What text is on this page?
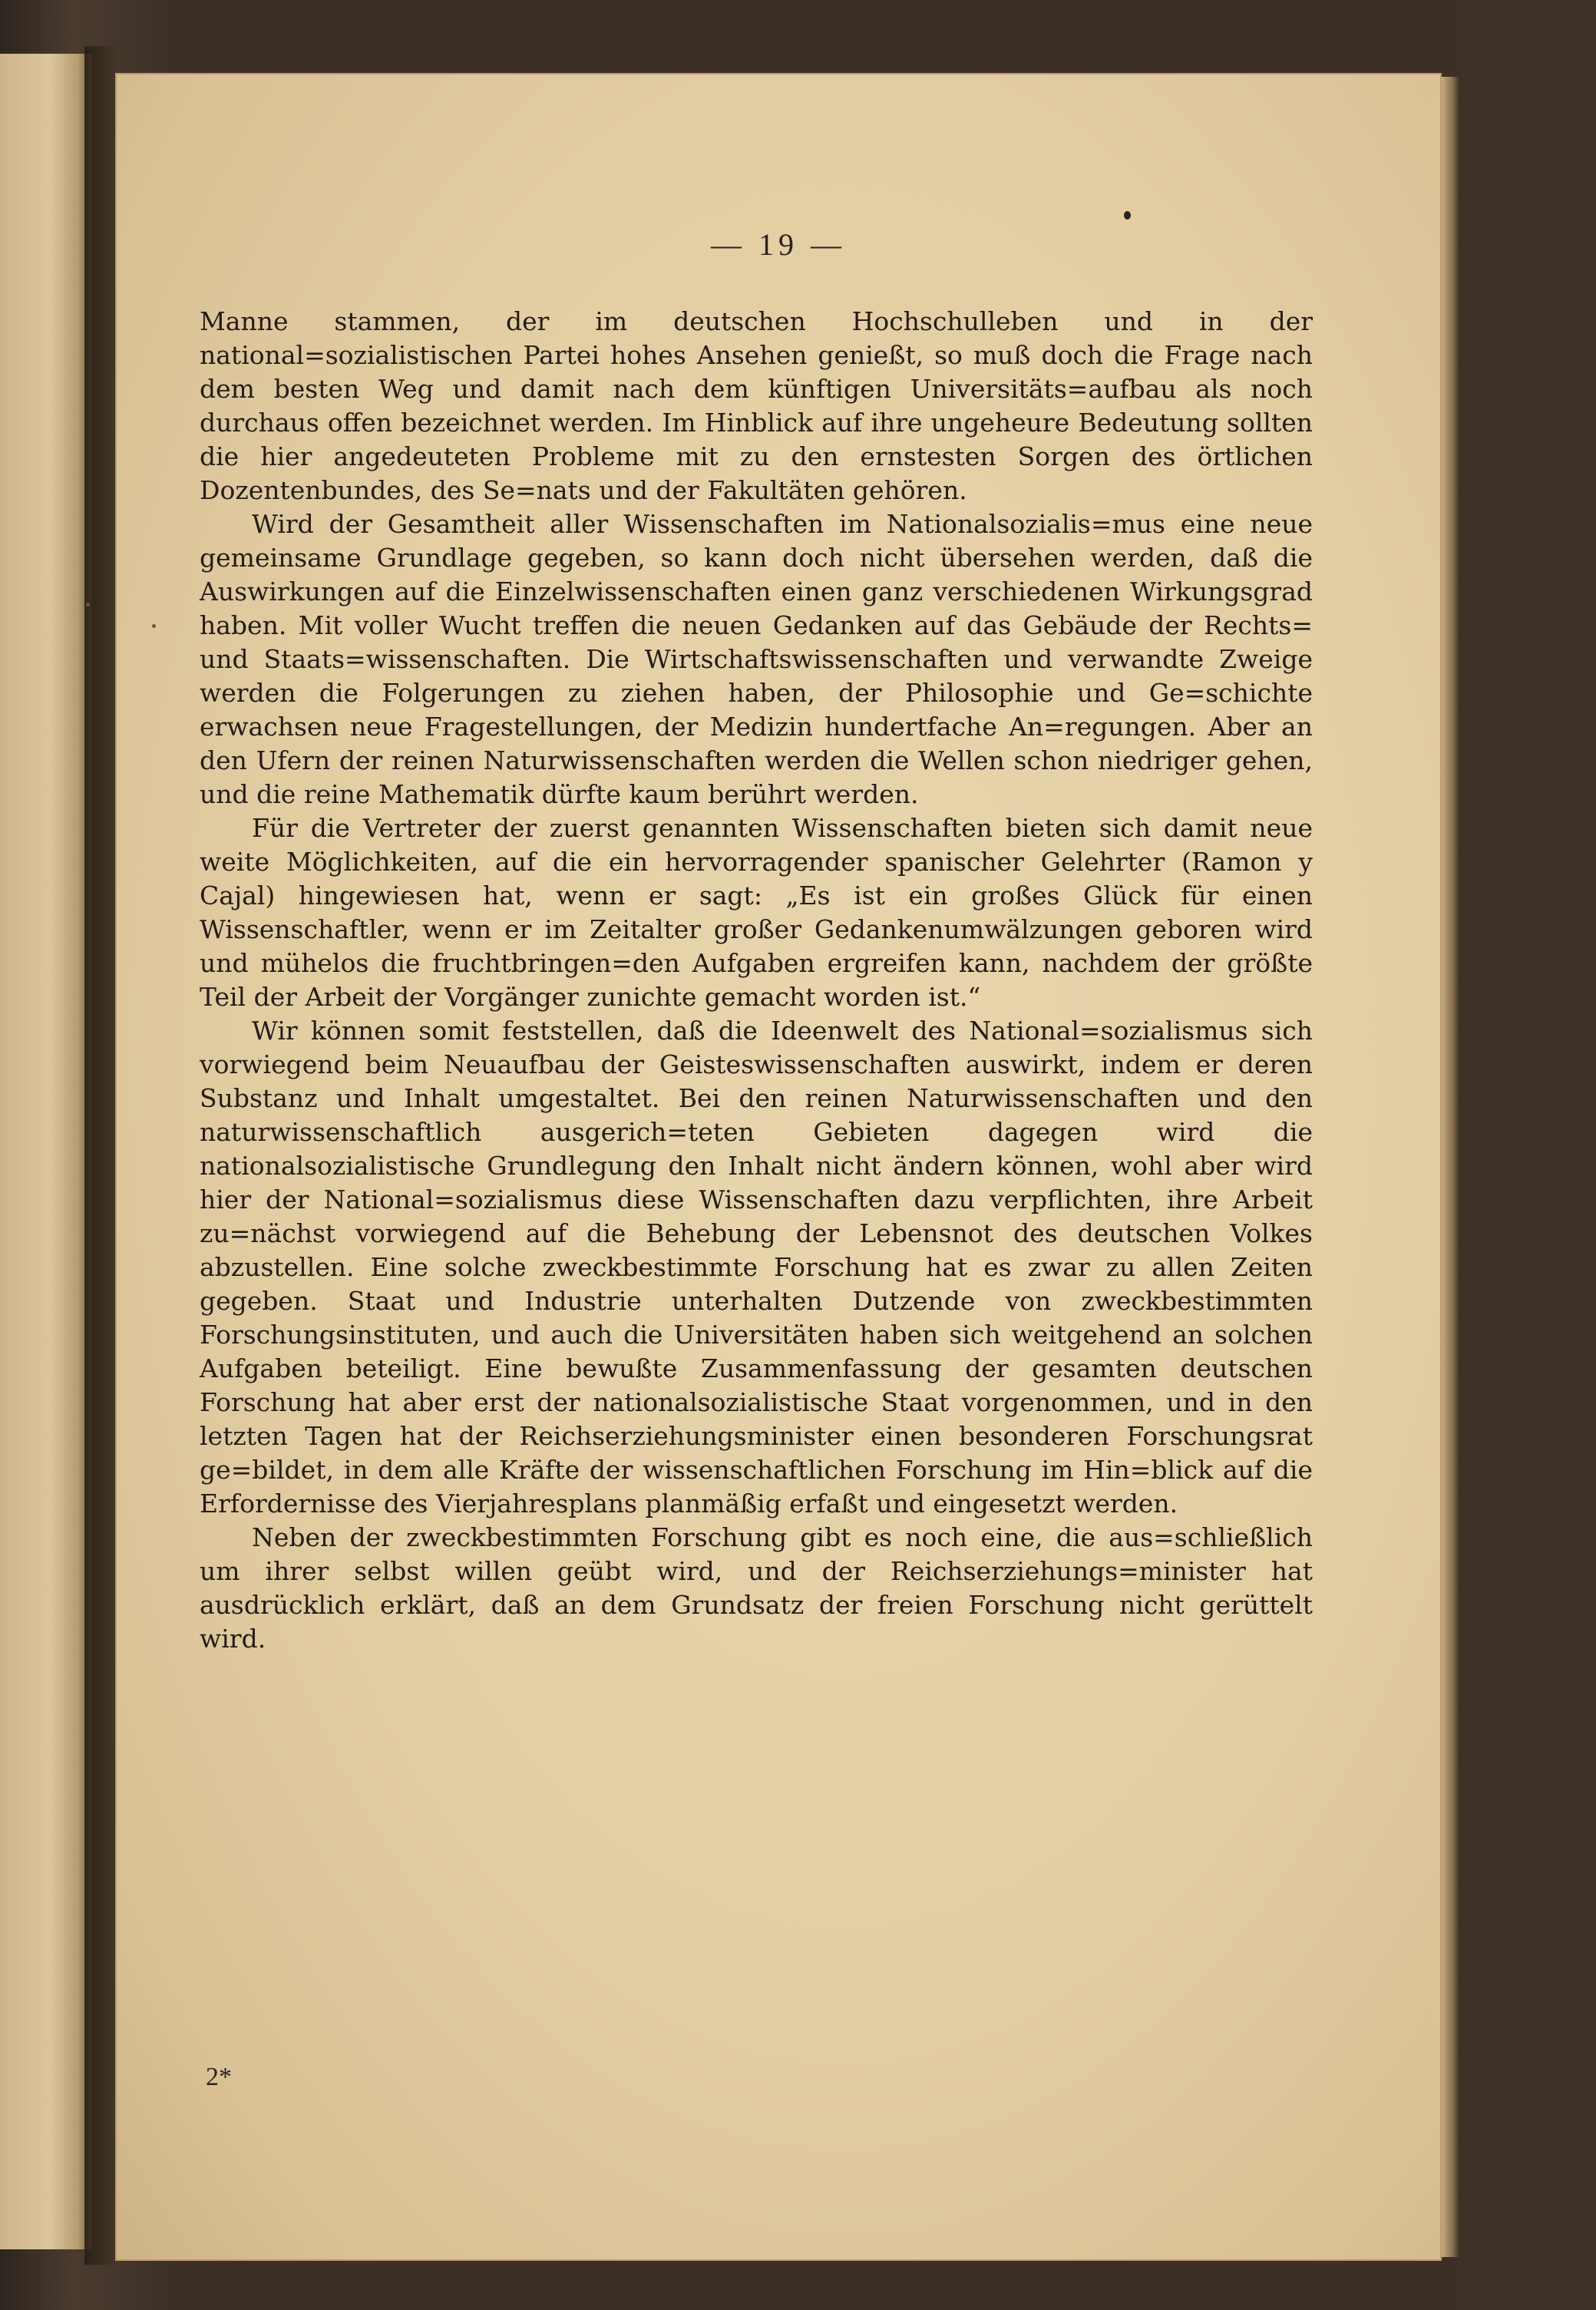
— 19 —

Manne stammen, der im deutschen Hochschulleben und in der national=sozialistischen Partei hohes Ansehen genießt, so muß doch die Frage nach dem besten Weg und damit nach dem künftigen Universitäts=aufbau als noch durchaus offen bezeichnet werden. Im Hinblick auf ihre ungeheure Bedeutung sollten die hier angedeuteten Probleme mit zu den ernstesten Sorgen des örtlichen Dozentenbundes, des Se=nats und der Fakultäten gehören.

Wird der Gesamtheit aller Wissenschaften im Nationalsozialis=mus eine neue gemeinsame Grundlage gegeben, so kann doch nicht übersehen werden, daß die Auswirkungen auf die Einzelwissenschaften einen ganz verschiedenen Wirkungsgrad haben. Mit voller Wucht treffen die neuen Gedanken auf das Gebäude der Rechts= und Staats=wissenschaften. Die Wirtschaftswissenschaften und verwandte Zweige werden die Folgerungen zu ziehen haben, der Philosophie und Ge=schichte erwachsen neue Fragestellungen, der Medizin hundertfache An=regungen. Aber an den Ufern der reinen Naturwissenschaften werden die Wellen schon niedriger gehen, und die reine Mathematik dürfte kaum berührt werden.

Für die Vertreter der zuerst genannten Wissenschaften bieten sich damit neue weite Möglichkeiten, auf die ein hervorragender spanischer Gelehrter (Ramon y Cajal) hingewiesen hat, wenn er sagt: „Es ist ein großes Glück für einen Wissenschaftler, wenn er im Zeitalter großer Gedankenumwälzungen geboren wird und mühelos die fruchtbringen=den Aufgaben ergreifen kann, nachdem der größte Teil der Arbeit der Vorgänger zunichte gemacht worden ist.“

Wir können somit feststellen, daß die Ideenwelt des National=sozialismus sich vorwiegend beim Neuaufbau der Geisteswissenschaften auswirkt, indem er deren Substanz und Inhalt umgestaltet. Bei den reinen Naturwissenschaften und den naturwissenschaftlich ausgerich=teten Gebieten dagegen wird die nationalsozialistische Grundlegung den Inhalt nicht ändern können, wohl aber wird hier der National=sozialismus diese Wissenschaften dazu verpflichten, ihre Arbeit zu=nächst vorwiegend auf die Behebung der Lebensnot des deutschen Volkes abzustellen. Eine solche zweckbestimmte Forschung hat es zwar zu allen Zeiten gegeben. Staat und Industrie unterhalten Dutzende von zweckbestimmten Forschungsinstituten, und auch die Universitäten haben sich weitgehend an solchen Aufgaben beteiligt. Eine bewußte Zusammenfassung der gesamten deutschen Forschung hat aber erst der nationalsozialistische Staat vorgenommen, und in den letzten Tagen hat der Reichserziehungsminister einen besonderen Forschungsrat ge=bildet, in dem alle Kräfte der wissenschaftlichen Forschung im Hin=blick auf die Erfordernisse des Vierjahresplans planmäßig erfaßt und eingesetzt werden.

Neben der zweckbestimmten Forschung gibt es noch eine, die aus=schließlich um ihrer selbst willen geübt wird, und der Reichserziehungs=minister hat ausdrücklich erklärt, daß an dem Grundsatz der freien Forschung nicht gerüttelt wird.

2*
